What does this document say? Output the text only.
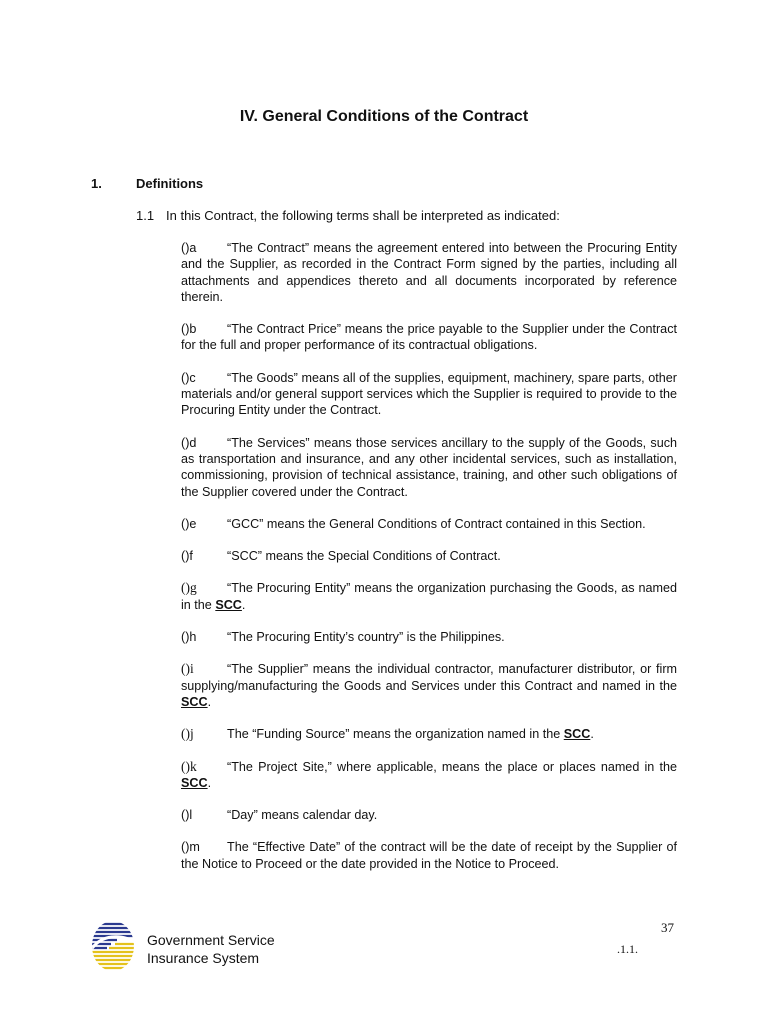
IV. General Conditions of the Contract
1.	Definitions
1.1 In this Contract, the following terms shall be interpreted as indicated:

()a “The Contract” means the agreement entered into between the Procuring Entity and the Supplier, as recorded in the Contract Form signed by the parties, including all attachments and appendices thereto and all documents incorporated by reference therein.

()b “The Contract Price” means the price payable to the Supplier under the Contract for the full and proper performance of its contractual obligations.

()c “The Goods” means all of the supplies, equipment, machinery, spare parts, other materials and/or general support services which the Supplier is required to provide to the Procuring Entity under the Contract.

()d “The Services” means those services ancillary to the supply of the Goods, such as transportation and insurance, and any other incidental services, such as installation, commissioning, provision of technical assistance, training, and other such obligations of the Supplier covered under the Contract.

()e “GCC” means the General Conditions of Contract contained in this Section.

()f	“SCC” means the Special Conditions of Contract.

()g “The Procuring Entity” means the organization purchasing the Goods, as named in the SCC.

()h “The Procuring Entity’s country” is the Philippines.

()i	“The Supplier” means the individual contractor, manufacturer distributor, or firm supplying/manufacturing the Goods and Services under this Contract and named in the SCC.

()j	The “Funding Source” means the organization named in the SCC.

()k “The Project Site,” where applicable, means the place or places named in the SCC.

()l	“Day” means calendar day.

()m The “Effective Date” of the contract will be the date of receipt by the Supplier of the Notice to Proceed or the date provided in the Notice to Proceed.

37
.1.1.
Government Service
Insurance System
